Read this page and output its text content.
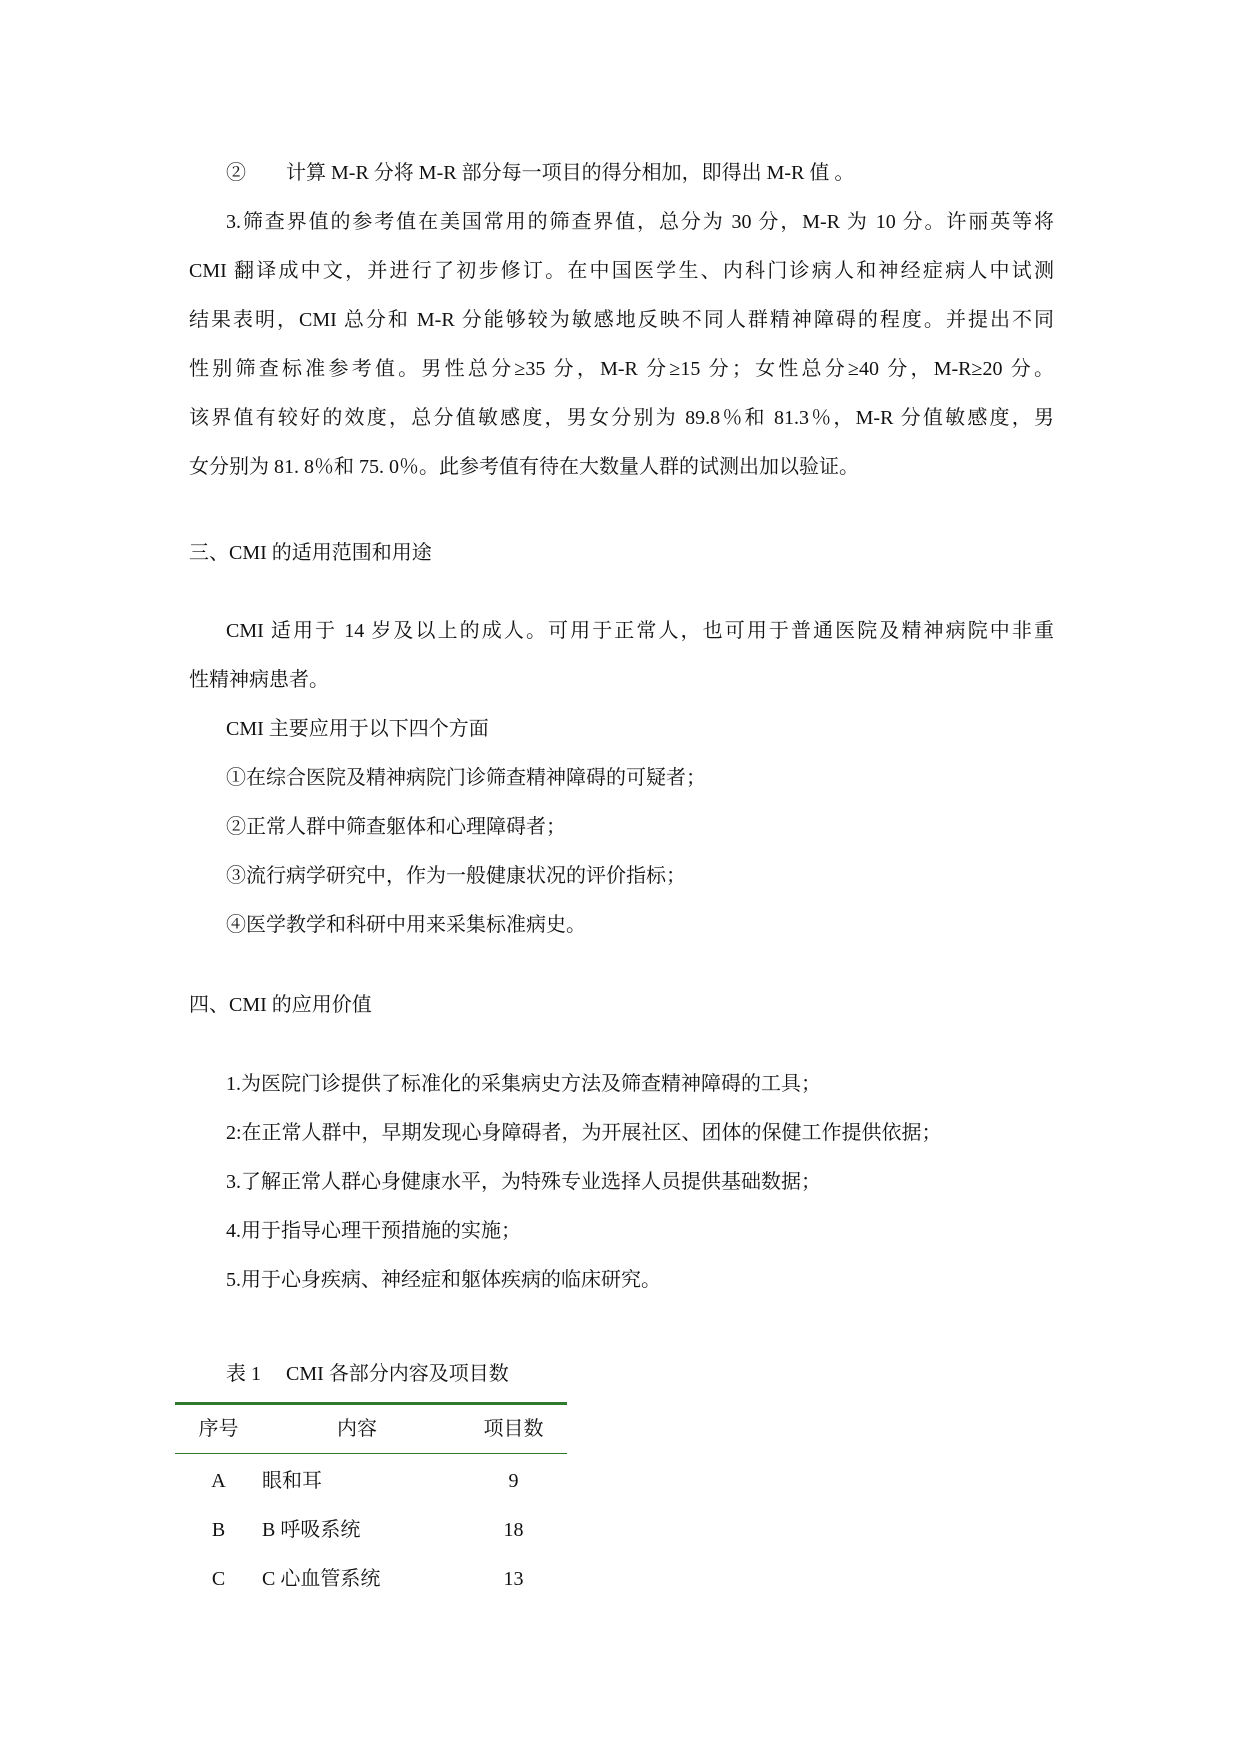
②　　计算 M-R 分将 M-R 部分每一项目的得分相加，即得出 M-R 值 。
3.筛查界值的参考值在美国常用的筛查界值，总分为 30 分，M-R 为 10 分。许丽英等将
CMI 翻译成中文，并进行了初步修订。在中国医学生、内科门诊病人和神经症病人中试测
结果表明，CMI 总分和 M-R 分能够较为敏感地反映不同人群精神障碍的程度。并提出不同
性别筛查标准参考值。男性总分≥35 分，M-R 分≥15 分；女性总分≥40 分，M-R≥20 分。
该界值有较好的效度，总分值敏感度，男女分别为 89.8％和 81.3％，M-R 分值敏感度，男
女分别为 81. 8％和 75. 0％。此参考值有待在大数量人群的试测出加以验证。
三、CMI 的适用范围和用途
CMI 适用于 14 岁及以上的成人。可用于正常人，也可用于普通医院及精神病院中非重
性精神病患者。
CMI 主要应用于以下四个方面
①在综合医院及精神病院门诊筛查精神障碍的可疑者；
②正常人群中筛查躯体和心理障碍者；
③流行病学研究中，作为一般健康状况的评价指标；
④医学教学和科研中用来采集标准病史。
四、CMI 的应用价值
1.为医院门诊提供了标准化的采集病史方法及筛查精神障碍的工具；
2:在正常人群中，早期发现心身障碍者，为开展社区、团体的保健工作提供依据；
3.了解正常人群心身健康水平，为特殊专业选择人员提供基础数据；
4.用于指导心理干预措施的实施；
5.用于心身疾病、神经症和躯体疾病的临床研究。
表 1　 CMI 各部分内容及项目数
序号	内容	项目数
A	眼和耳	9
B	B 呼吸系统	18
C	C 心血管系统	13
